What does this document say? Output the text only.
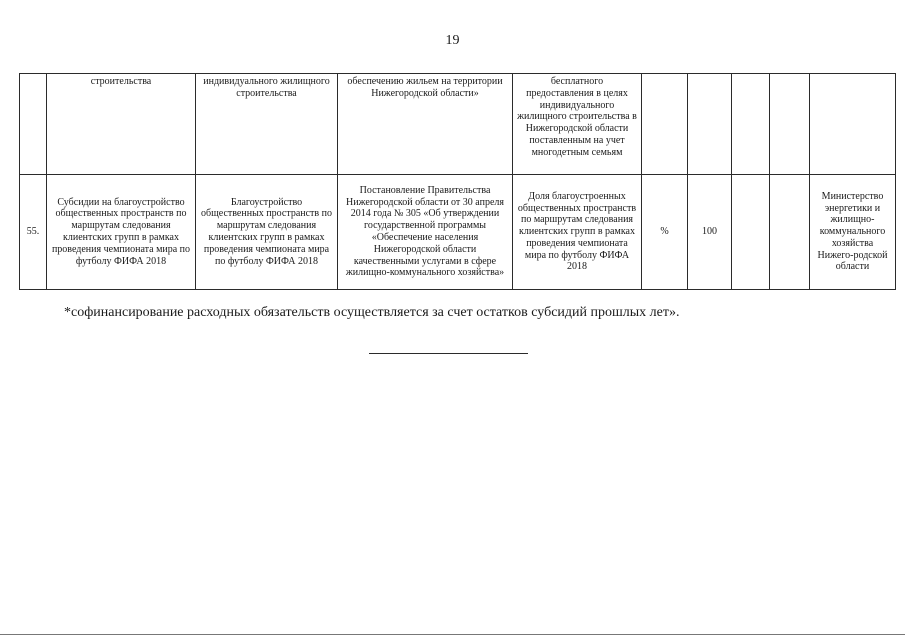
19
	строительства	индивидуального жилищного строительства	обеспечению жильем на территории Нижегородской области»	бесплатного предоставления в целях индивидуального жилищного строительства в Нижегородской области поставленным на учет многодетным семьям					
55.	Субсидии на благоустройство общественных пространств по маршрутам следования клиентских групп в рамках проведения чемпионата мира по футболу ФИФА 2018	Благоустройство общественных пространств по маршрутам следования клиентских групп в рамках проведения чемпионата мира по футболу ФИФА 2018	Постановление Правительства Нижегородской области от 30 апреля 2014 года № 305 «Об утверждении государственной программы «Обеспечение населения Нижегородской области качественными услугами в сфере жилищно-коммунального хозяйства»	Доля благоустроенных общественных пространств по маршрутам следования клиентских групп в рамках проведения чемпионата мира по футболу ФИФА 2018	%	100			Министерство энергетики и жилищно-коммунального хозяйства Нижего-родской области
*софинансирование расходных обязательств осуществляется за счет остатков субсидий прошлых лет».
